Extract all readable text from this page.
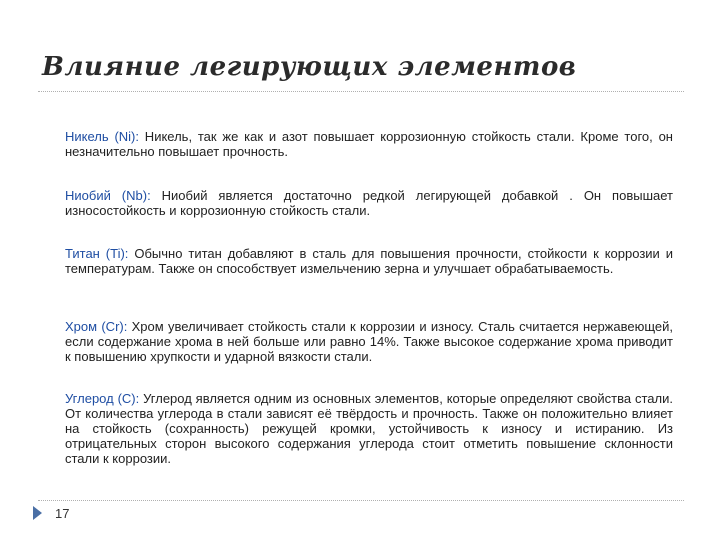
Влияние легирующих элементов

Никель (Ni): Никель, так же как и азот повышает коррозионную стойкость стали. Кроме того, он незначительно повышает прочность.

Ниобий (Nb): Ниобий является достаточно редкой легирующей добавкой . Он повышает износостойкость и коррозионную стойкость стали.

Титан (Ti): Обычно титан добавляют в сталь для повышения прочности, стойкости к коррозии и температурам. Также он способствует измельчению зерна и улучшает обрабатываемость.

Хром (Cr): Хром увеличивает стойкость стали к коррозии и износу. Сталь считается нержавеющей, если содержание хрома в ней больше или равно 14%. Также высокое содержание хрома приводит к повышению хрупкости и ударной вязкости стали.

Углерод (С): Углерод является одним из основных элементов, которые определяют свойства стали. От количества углерода в стали зависят её твёрдость и прочность. Также он положительно влияет на стойкость (сохранность) режущей кромки, устойчивость к износу и истиранию. Из отрицательных сторон высокого содержания углерода стоит отметить повышение склонности стали к коррозии.

17
